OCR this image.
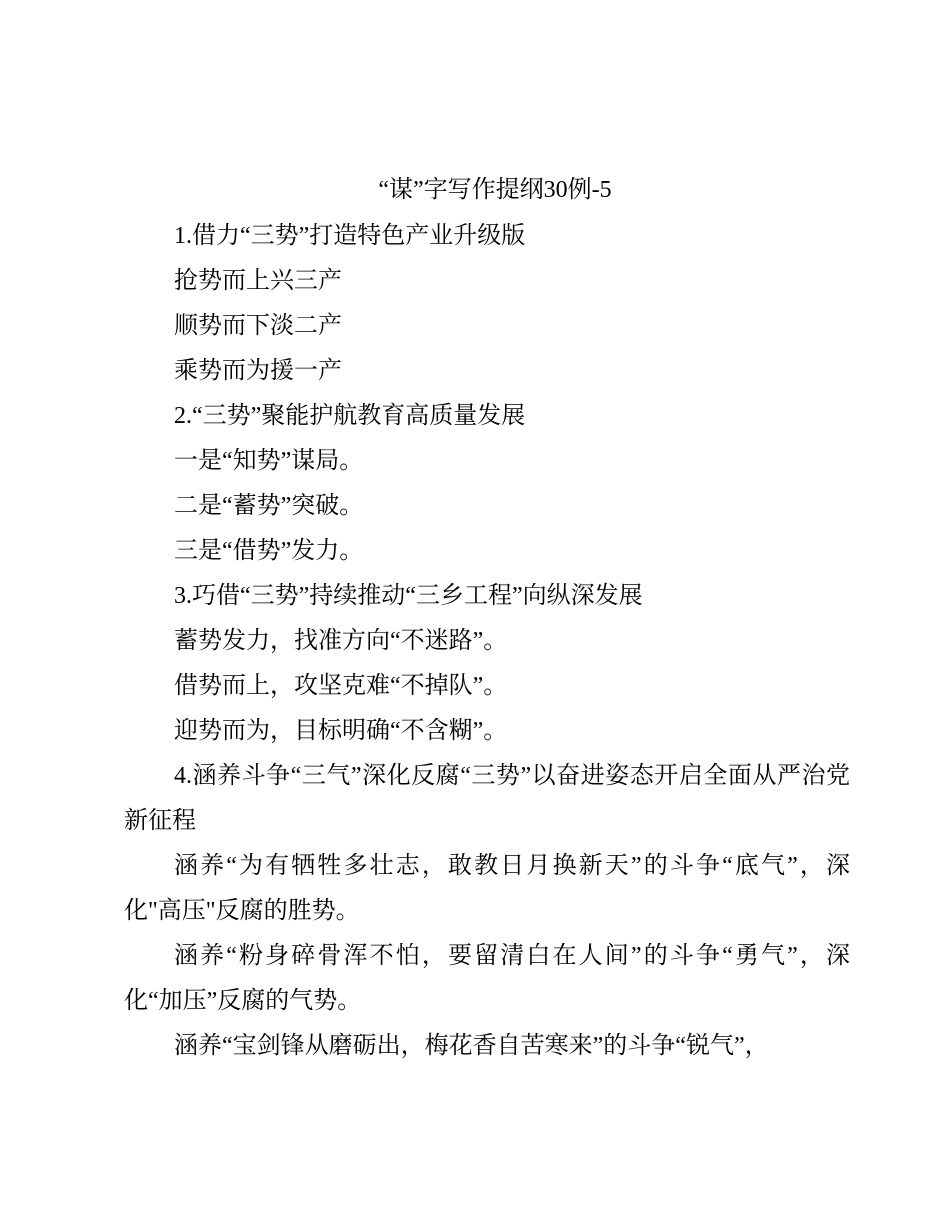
“谋”字写作提纲30例-5

1.借力“三势”打造特色产业升级版

抢势而上兴三产

顺势而下淡二产

乘势而为援一产

2.“三势”聚能护航教育高质量发展

一是“知势”谋局。

二是“蓄势”突破。

三是“借势”发力。

3.巧借“三势”持续推动“三乡工程”向纵深发展

蓄势发力，找准方向“不迷路”。

借势而上，攻坚克难“不掉队”。

迎势而为，目标明确“不含糊”。

4.涵养斗争“三气”深化反腐“三势”以奋进姿态开启全面从严治党新征程

涵养“为有牺牲多壮志，敢教日月换新天”的斗争“底气”，深化"高压"反腐的胜势。

涵养“粉身碎骨浑不怕，要留清白在人间”的斗争“勇气”，深化“加压”反腐的气势。

涵养“宝剑锋从磨砺出，梅花香自苦寒来”的斗争“锐气”，
